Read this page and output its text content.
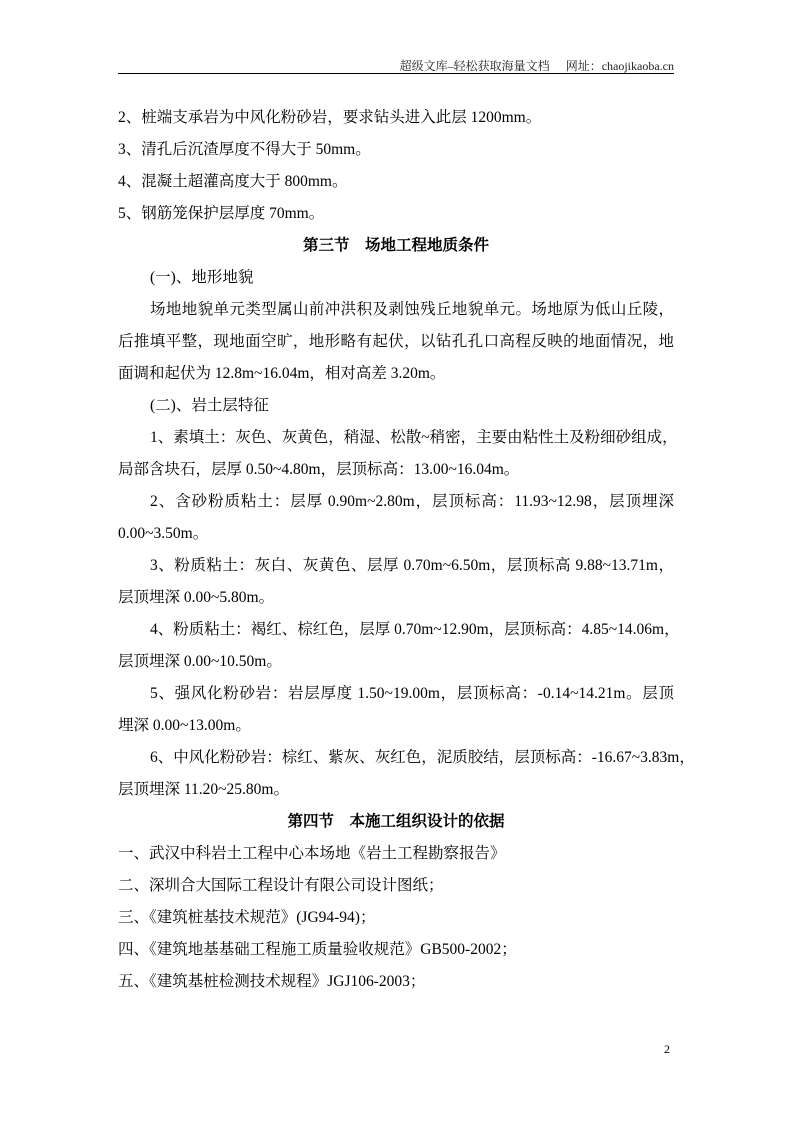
超级文库–轻松获取海量文档 网址：chaojikaoba.cn
2、桩端支承岩为中风化粉砂岩，要求钻头进入此层 1200mm。
3、清孔后沉渣厚度不得大于 50mm。
4、混凝土超灌高度大于 800mm。
5、钢筋笼保护层厚度 70mm。
第三节　场地工程地质条件
(一)、地形地貌
场地地貌单元类型属山前冲洪积及剥蚀残丘地貌单元。场地原为低山丘陵，
后推填平整，现地面空旷，地形略有起伏，以钻孔孔口高程反映的地面情况，地
面调和起伏为 12.8m~16.04m，相对高差 3.20m。
(二)、岩土层特征
1、素填土：灰色、灰黄色，稍湿、松散~稍密，主要由粘性土及粉细砂组成，
局部含块石，层厚 0.50~4.80m，层顶标高：13.00~16.04m。
2、含砂粉质粘土：层厚 0.90m~2.80m，层顶标高：11.93~12.98，层顶埋深
0.00~3.50m。
3、粉质粘土：灰白、灰黄色、层厚 0.70m~6.50m，层顶标高 9.88~13.71m，
层顶埋深 0.00~5.80m。
4、粉质粘土：褐红、棕红色，层厚 0.70m~12.90m，层顶标高：4.85~14.06m，
层顶埋深 0.00~10.50m。
5、强风化粉砂岩：岩层厚度 1.50~19.00m，层顶标高：-0.14~14.21m。层顶
埋深 0.00~13.00m。
6、中风化粉砂岩：棕红、紫灰、灰红色，泥质胶结，层顶标高：-16.67~3.83m，
层顶埋深 11.20~25.80m。
第四节　本施工组织设计的依据
一、武汉中科岩土工程中心本场地《岩土工程勘察报告》
二、深圳合大国际工程设计有限公司设计图纸；
三、《建筑桩基技术规范》(JG94-94)；
四、《建筑地基基础工程施工质量验收规范》GB500-2002；
五、《建筑基桩检测技术规程》JGJ106-2003；
2
